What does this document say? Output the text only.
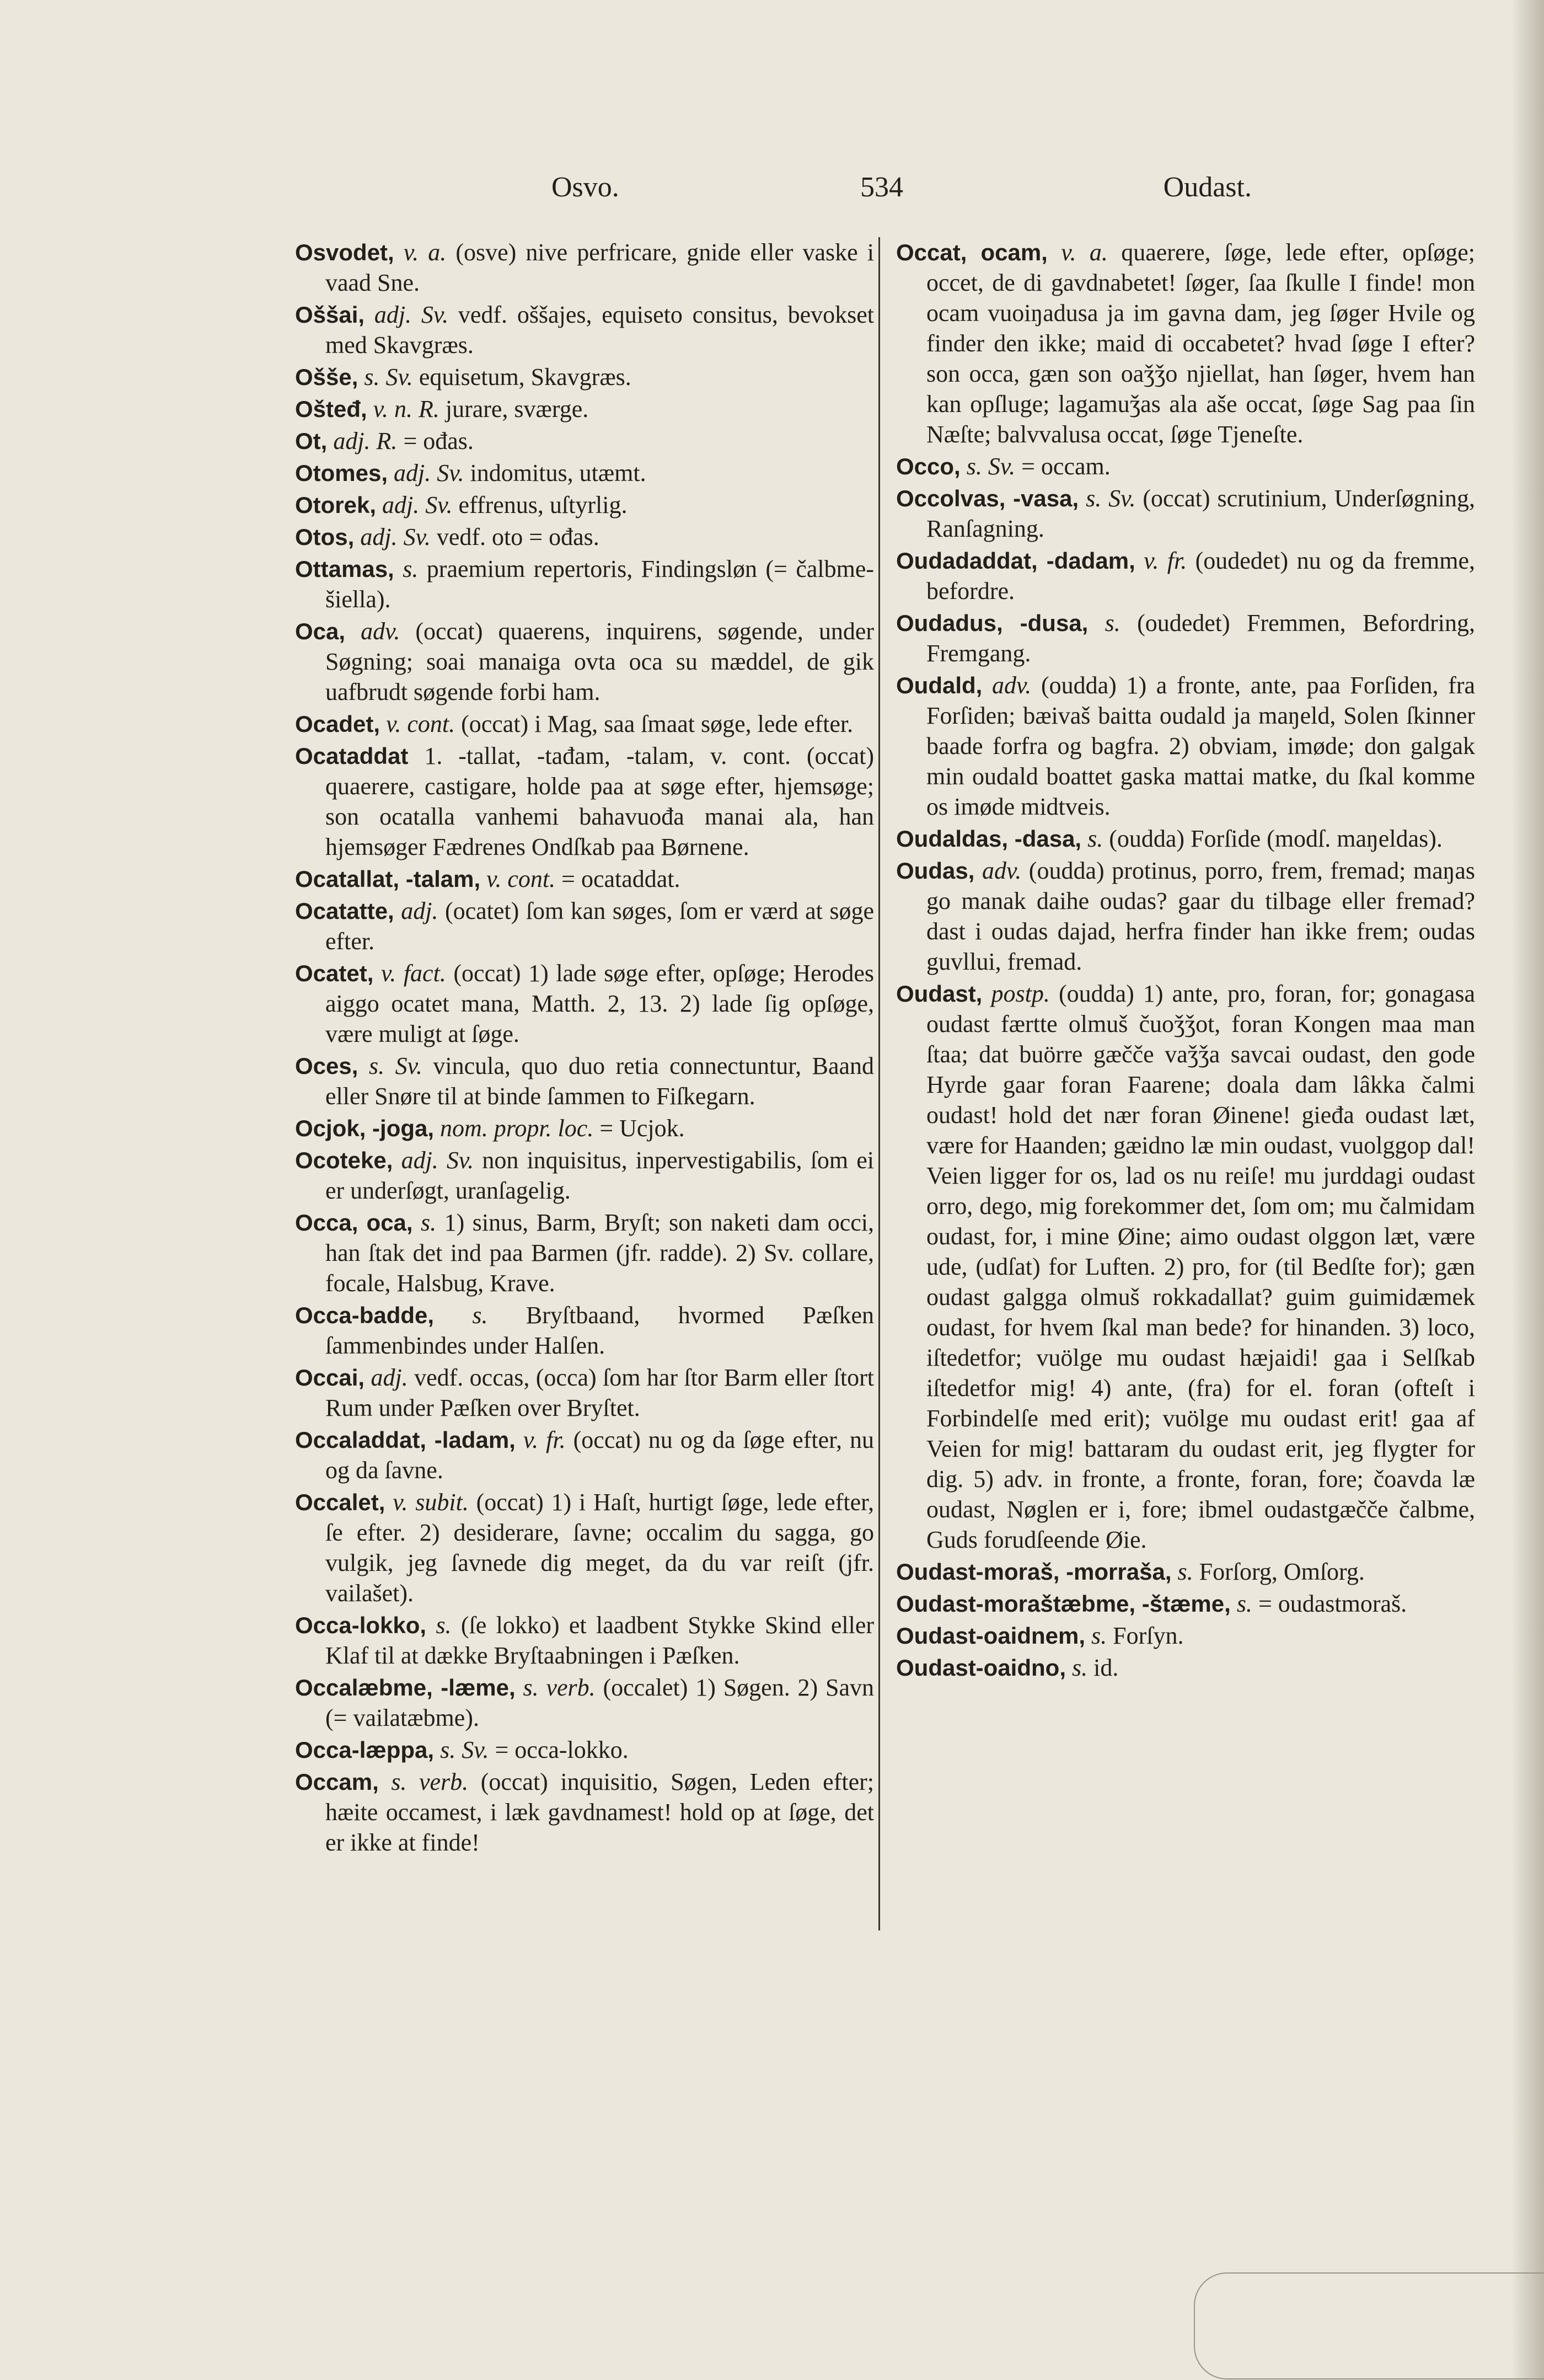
Osvo.	534	Oudast.

Osvodet, v. a. (osve) nive perfricare, gnide eller vaske i vaad Sne.

Oššai, adj. Sv. vedf. oššajes, equiseto consitus, bevokset med Skavgræs.

Oššе, s. Sv. equisetum, Skavgræs.

Ošteđ, v. n. R. jurare, sværge.

Ot, adj. R. = ođas.

Otomes, adj. Sv. indomitus, utæmt.

Otorek, adj. Sv. effrenus, uſtyrlig.

Otos, adj. Sv. vedf. oto = ođas.

Ottamas, s. praemium repertoris, Findingsløn (= čalbme-šiella).

Oca, adv. (occat) quaerens, inquirens, søgende, under Søgning; soai manaiga ovta oca su mæddel, de gik uafbrudt søgende forbi ham.

Ocadet, v. cont. (occat) i Mag, saa ſmaat søge, lede efter.

Ocataddat 1. -tallat, -tađam, -talam, v. cont. (occat) quaerere, castigare, holde paa at søge efter, hjemsøge; son ocatalla vanhemi bahavuođa manai ala, han hjemsøger Fædrenes Ondſkab paa Børnene.

Ocatallat, -talam, v. cont. = ocataddat.

Ocatatte, adj. (ocatet) ſom kan søges, ſom er værd at søge efter.

Ocatet, v. fact. (occat) 1) lade søge efter, opſøge; Herodes aiggo ocatet mana, Matth. 2, 13. 2) lade ſig opſøge, være muligt at ſøge.

Oces, s. Sv. vincula, quo duo retia connectuntur, Baand eller Snøre til at binde ſammen to Fiſkegarn.

Ocjok, -joga, nom. propr. loc. = Ucjok.

Ocoteke, adj. Sv. non inquisitus, inpervestigabilis, ſom ei er underſøgt, uranſagelig.

Occa, oca, s. 1) sinus, Barm, Bryſt; son naketi dam occi, han ſtak det ind paa Barmen (jfr. radde). 2) Sv. collare, focale, Halsbug, Krave.

Occa-badde, s. Bryſtbaand, hvormed Pæſken ſammenbindes under Halſen.

Occai, adj. vedf. occas, (occa) ſom har ſtor Barm eller ſtort Rum under Pæſken over Bryſtet.

Occaladdat, -ladam, v. fr. (occat) nu og da ſøge efter, nu og da ſavne.

Occalet, v. subit. (occat) 1) i Haſt, hurtigt ſøge, lede efter, ſe efter. 2) desiderare, ſavne; occalim du sagga, go vulgik, jeg ſavnede dig meget, da du var reiſt (jfr. vailašet).

Occa-lokko, s. (ſe lokko) et laadbent Stykke Skind eller Klaf til at dække Bryſtaabningen i Pæſken.

Occalæbme, -læme, s. verb. (occalet) 1) Søgen. 2) Savn (= vailatæbme).

Occa-læppa, s. Sv. = occa-lokko.

Occam, s. verb. (occat) inquisitio, Søgen, Leden efter; hæite occamest, i læk gavdnamest! hold op at ſøge, det er ikke at finde!

Occat, ocam, v. a. quaerere, ſøge, lede efter, opſøge; occet, de di gavdnabetet! ſøger, ſaa ſkulle I finde! mon ocam vuoiŋadusa ja im gavna dam, jeg ſøger Hvile og finder den ikke; maid di occabetet? hvad ſøge I efter? son occa, gæn son oaǯǯo njiellat, han ſøger, hvem han kan opſluge; lagamuǯas ala aše occat, ſøge Sag paa ſin Næſte; balvvalusa occat, ſøge Tjeneſte.

Occo, s. Sv. = occam.

Occolvas, -vasa, s. Sv. (occat) scrutinium, Underſøgning, Ranſagning.

Oudadaddat, -dadam, v. fr. (oudedet) nu og da fremme, befordre.

Oudadus, -dusa, s. (oudedet) Fremmen, Befordring, Fremgang.

Oudald, adv. (oudda) 1) a fronte, ante, paa Forſiden, fra Forſiden; bæivaš baitta oudald ja maŋeld, Solen ſkinner baade forfra og bagfra. 2) obviam, imøde; don galgak min oudald boattet gaska mattai matke, du ſkal komme os imøde midtveis.

Oudaldas, -dasa, s. (oudda) Forſide (modſ. maŋeldas).

Oudas, adv. (oudda) protinus, porro, frem, fremad; maŋas go manak daihe oudas? gaar du tilbage eller fremad? dast i oudas dajad, herfra finder han ikke frem; oudas guvllui, fremad.

Oudast, postp. (oudda) 1) ante, pro, foran, for; gonagasa oudast færtte olmuš čuoǯǯot, foran Kongen maa man ſtaa; dat buörre gæčče vaǯǯa savcai oudast, den gode Hyrde gaar foran Faarene; doala dam lâkka čalmi oudast! hold det nær foran Øinene! gieđa oudast læt, være for Haanden; gæidno læ min oudast, vuolggop dal! Veien ligger for os, lad os nu reiſe! mu jurddagi oudast orro, dego, mig forekommer det, ſom om; mu čalmidam oudast, for, i mine Øine; aimo oudast olggon læt, være ude, (udſat) for Luften. 2) pro, for (til Bedſte for); gæn oudast galgga olmuš rokkadallat? guim guimidæmek oudast, for hvem ſkal man bede? for hinanden. 3) loco, iſtedetfor; vuölge mu oudast hæjaidi! gaa i Selſkab iſtedetfor mig! 4) ante, (fra) for el. foran (ofteſt i Forbindelſe med erit); vuölge mu oudast erit! gaa af Veien for mig! battaram du oudast erit, jeg flygter for dig. 5) adv. in fronte, a fronte, foran, fore; čoavda læ oudast, Nøglen er i, fore; ibmel oudastgæčče čalbme, Guds forudſeende Øie.

Oudast-moraš, -morraša, s. Forſorg, Omſorg.

Oudast-moraštæbme, -štæme, s. = oudastmoraš.

Oudast-oaidnem, s. Forſyn.

Oudast-oaidno, s. id.
